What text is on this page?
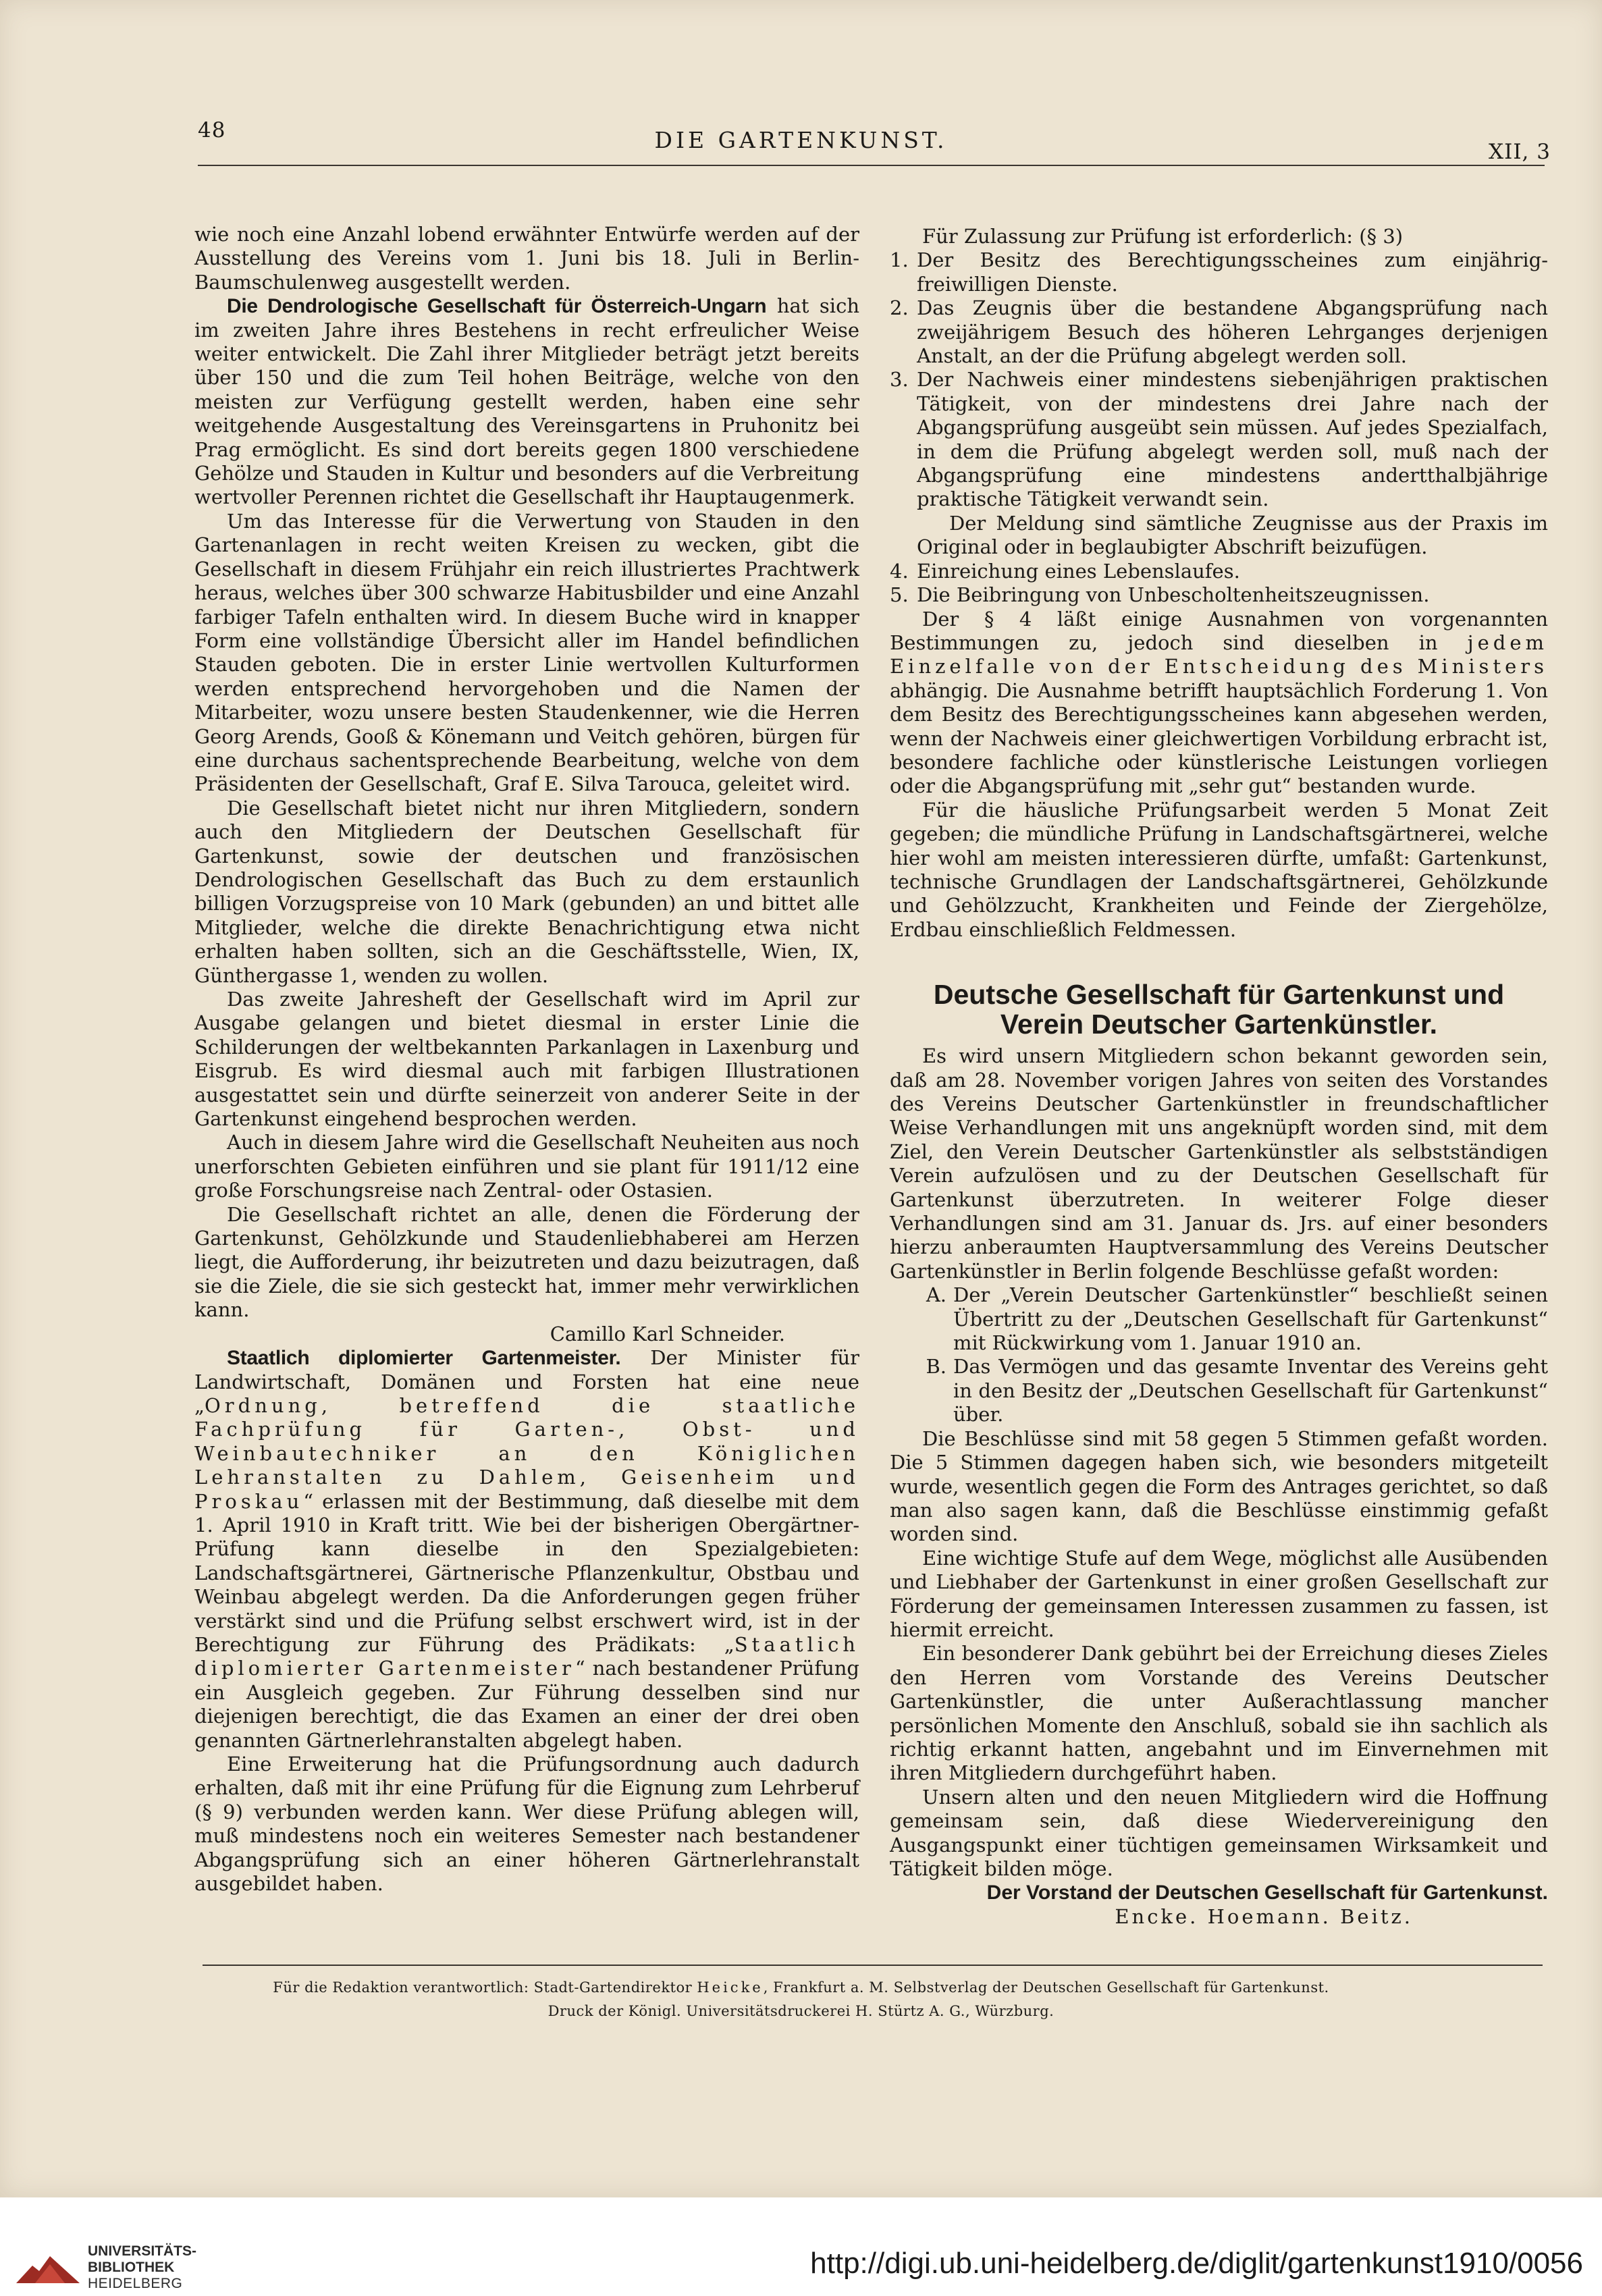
48	DIE GARTENKUNST.	XII, 3

wie noch eine Anzahl lobend erwähnter Entwürfe werden auf der Ausstellung des Vereins vom 1. Juni bis 18. Juli in Berlin-Baumschulenweg ausgestellt werden.

Die Dendrologische Gesellschaft für Österreich-Ungarn hat sich im zweiten Jahre ihres Bestehens in recht erfreulicher Weise weiter entwickelt. Die Zahl ihrer Mitglieder beträgt jetzt bereits über 150 und die zum Teil hohen Beiträge, welche von den meisten zur Verfügung gestellt werden, haben eine sehr weitgehende Ausgestaltung des Vereinsgartens in Pruhonitz bei Prag ermöglicht. Es sind dort bereits gegen 1800 verschiedene Gehölze und Stauden in Kultur und besonders auf die Verbreitung wertvoller Perennen richtet die Gesellschaft ihr Hauptaugenmerk.

Um das Interesse für die Verwertung von Stauden in den Gartenanlagen in recht weiten Kreisen zu wecken, gibt die Gesellschaft in diesem Frühjahr ein reich illustriertes Prachtwerk heraus, welches über 300 schwarze Habitusbilder und eine Anzahl farbiger Tafeln enthalten wird. In diesem Buche wird in knapper Form eine vollständige Übersicht aller im Handel befindlichen Stauden geboten. Die in erster Linie wertvollen Kulturformen werden entsprechend hervorgehoben und die Namen der Mitarbeiter, wozu unsere besten Staudenkenner, wie die Herren Georg Arends, Gooß & Könemann und Veitch gehören, bürgen für eine durchaus sachentsprechende Bearbeitung, welche von dem Präsidenten der Gesellschaft, Graf E. Silva Tarouca, geleitet wird.

Die Gesellschaft bietet nicht nur ihren Mitgliedern, sondern auch den Mitgliedern der Deutschen Gesellschaft für Gartenkunst, sowie der deutschen und französischen Dendrologischen Gesellschaft das Buch zu dem erstaunlich billigen Vorzugspreise von 10 Mark (gebunden) an und bittet alle Mitglieder, welche die direkte Benachrichtigung etwa nicht erhalten haben sollten, sich an die Geschäftsstelle, Wien, IX, Günthergasse 1, wenden zu wollen.

Das zweite Jahresheft der Gesellschaft wird im April zur Ausgabe gelangen und bietet diesmal in erster Linie die Schilderungen der weltbekannten Parkanlagen in Laxenburg und Eisgrub. Es wird diesmal auch mit farbigen Illustrationen ausgestattet sein und dürfte seinerzeit von anderer Seite in der Gartenkunst eingehend besprochen werden.

Auch in diesem Jahre wird die Gesellschaft Neuheiten aus noch unerforschten Gebieten einführen und sie plant für 1911/12 eine große Forschungsreise nach Zentral- oder Ostasien.

Die Gesellschaft richtet an alle, denen die Förderung der Gartenkunst, Gehölzkunde und Staudenliebhaberei am Herzen liegt, die Aufforderung, ihr beizutreten und dazu beizutragen, daß sie die Ziele, die sie sich gesteckt hat, immer mehr verwirklichen kann.

Camillo Karl Schneider.

Staatlich diplomierter Gartenmeister. Der Minister für Landwirtschaft, Domänen und Forsten hat eine neue „Ordnung, betreffend die staatliche Fachprüfung für Garten-, Obst- und Weinbautechniker an den Königlichen Lehranstalten zu Dahlem, Geisenheim und Proskau“ erlassen mit der Bestimmung, daß dieselbe mit dem 1. April 1910 in Kraft tritt. Wie bei der bisherigen Obergärtner-Prüfung kann dieselbe in den Spezialgebieten: Landschaftsgärtnerei, Gärtnerische Pflanzenkultur, Obstbau und Weinbau abgelegt werden. Da die Anforderungen gegen früher verstärkt sind und die Prüfung selbst erschwert wird, ist in der Berechtigung zur Führung des Prädikats: „Staatlich diplomierter Gartenmeister“ nach bestandener Prüfung ein Ausgleich gegeben. Zur Führung desselben sind nur diejenigen berechtigt, die das Examen an einer der drei oben genannten Gärtnerlehranstalten abgelegt haben.

Eine Erweiterung hat die Prüfungsordnung auch dadurch erhalten, daß mit ihr eine Prüfung für die Eignung zum Lehrberuf (§ 9) verbunden werden kann. Wer diese Prüfung ablegen will, muß mindestens noch ein weiteres Semester nach bestandener Abgangsprüfung sich an einer höheren Gärtnerlehranstalt ausgebildet haben.

Für Zulassung zur Prüfung ist erforderlich: (§ 3)

1. Der Besitz des Berechtigungsscheines zum einjährig-freiwilligen Dienste.
2. Das Zeugnis über die bestandene Abgangsprüfung nach zweijährigem Besuch des höheren Lehrganges derjenigen Anstalt, an der die Prüfung abgelegt werden soll.
3. Der Nachweis einer mindestens siebenjährigen praktischen Tätigkeit, von der mindestens drei Jahre nach der Abgangsprüfung ausgeübt sein müssen. Auf jedes Spezialfach, in dem die Prüfung abgelegt werden soll, muß nach der Abgangsprüfung eine mindestens andertthalbjährige praktische Tätigkeit verwandt sein.
Der Meldung sind sämtliche Zeugnisse aus der Praxis im Original oder in beglaubigter Abschrift beizufügen.
4. Einreichung eines Lebenslaufes.
5. Die Beibringung von Unbescholtenheitszeugnissen.

Der § 4 läßt einige Ausnahmen von vorgenannten Bestimmungen zu, jedoch sind dieselben in jedem Einzelfalle von der Entscheidung des Ministers abhängig. Die Ausnahme betrifft hauptsächlich Forderung 1. Von dem Besitz des Berechtigungsscheines kann abgesehen werden, wenn der Nachweis einer gleichwertigen Vorbildung erbracht ist, besondere fachliche oder künstlerische Leistungen vorliegen oder die Abgangsprüfung mit „sehr gut“ bestanden wurde.

Für die häusliche Prüfungsarbeit werden 5 Monat Zeit gegeben; die mündliche Prüfung in Landschaftsgärtnerei, welche hier wohl am meisten interessieren dürfte, umfaßt: Gartenkunst, technische Grundlagen der Landschaftsgärtnerei, Gehölzkunde und Gehölzzucht, Krankheiten und Feinde der Ziergehölze, Erdbau einschließlich Feldmessen.

Deutsche Gesellschaft für Gartenkunst und Verein Deutscher Gartenkünstler.

Es wird unsern Mitgliedern schon bekannt geworden sein, daß am 28. November vorigen Jahres von seiten des Vorstandes des Vereins Deutscher Gartenkünstler in freundschaftlicher Weise Verhandlungen mit uns angeknüpft worden sind, mit dem Ziel, den Verein Deutscher Gartenkünstler als selbstständigen Verein aufzulösen und zu der Deutschen Gesellschaft für Gartenkunst überzutreten. In weiterer Folge dieser Verhandlungen sind am 31. Januar ds. Jrs. auf einer besonders hierzu anberaumten Hauptversammlung des Vereins Deutscher Gartenkünstler in Berlin folgende Beschlüsse gefaßt worden:

A. Der „Verein Deutscher Gartenkünstler“ beschließt seinen Übertritt zu der „Deutschen Gesellschaft für Gartenkunst“ mit Rückwirkung vom 1. Januar 1910 an.
B. Das Vermögen und das gesamte Inventar des Vereins geht in den Besitz der „Deutschen Gesellschaft für Gartenkunst“ über.

Die Beschlüsse sind mit 58 gegen 5 Stimmen gefaßt worden. Die 5 Stimmen dagegen haben sich, wie besonders mitgeteilt wurde, wesentlich gegen die Form des Antrages gerichtet, so daß man also sagen kann, daß die Beschlüsse einstimmig gefaßt worden sind.

Eine wichtige Stufe auf dem Wege, möglichst alle Ausübenden und Liebhaber der Gartenkunst in einer großen Gesellschaft zur Förderung der gemeinsamen Interessen zusammen zu fassen, ist hiermit erreicht.

Ein besonderer Dank gebührt bei der Erreichung dieses Zieles den Herren vom Vorstande des Vereins Deutscher Gartenkünstler, die unter Außerachtlassung mancher persönlichen Momente den Anschluß, sobald sie ihn sachlich als richtig erkannt hatten, angebahnt und im Einvernehmen mit ihren Mitgliedern durchgeführt haben.

Unsern alten und den neuen Mitgliedern wird die Hoffnung gemeinsam sein, daß diese Wiedervereinigung den Ausgangspunkt einer tüchtigen gemeinsamen Wirksamkeit und Tätigkeit bilden möge.

Der Vorstand der Deutschen Gesellschaft für Gartenkunst.

Encke. Hoemann. Beitz.

Für die Redaktion verantwortlich: Stadt-Gartendirektor Heicke, Frankfurt a. M. Selbstverlag der Deutschen Gesellschaft für Gartenkunst.
Druck der Königl. Universitätsdruckerei H. Stürtz A. G., Würzburg.
UNIVERSITÄTS-
BIBLIOTHEK
HEIDELBERG
http://digi.ub.uni-heidelberg.de/diglit/gartenkunst1910/0056
